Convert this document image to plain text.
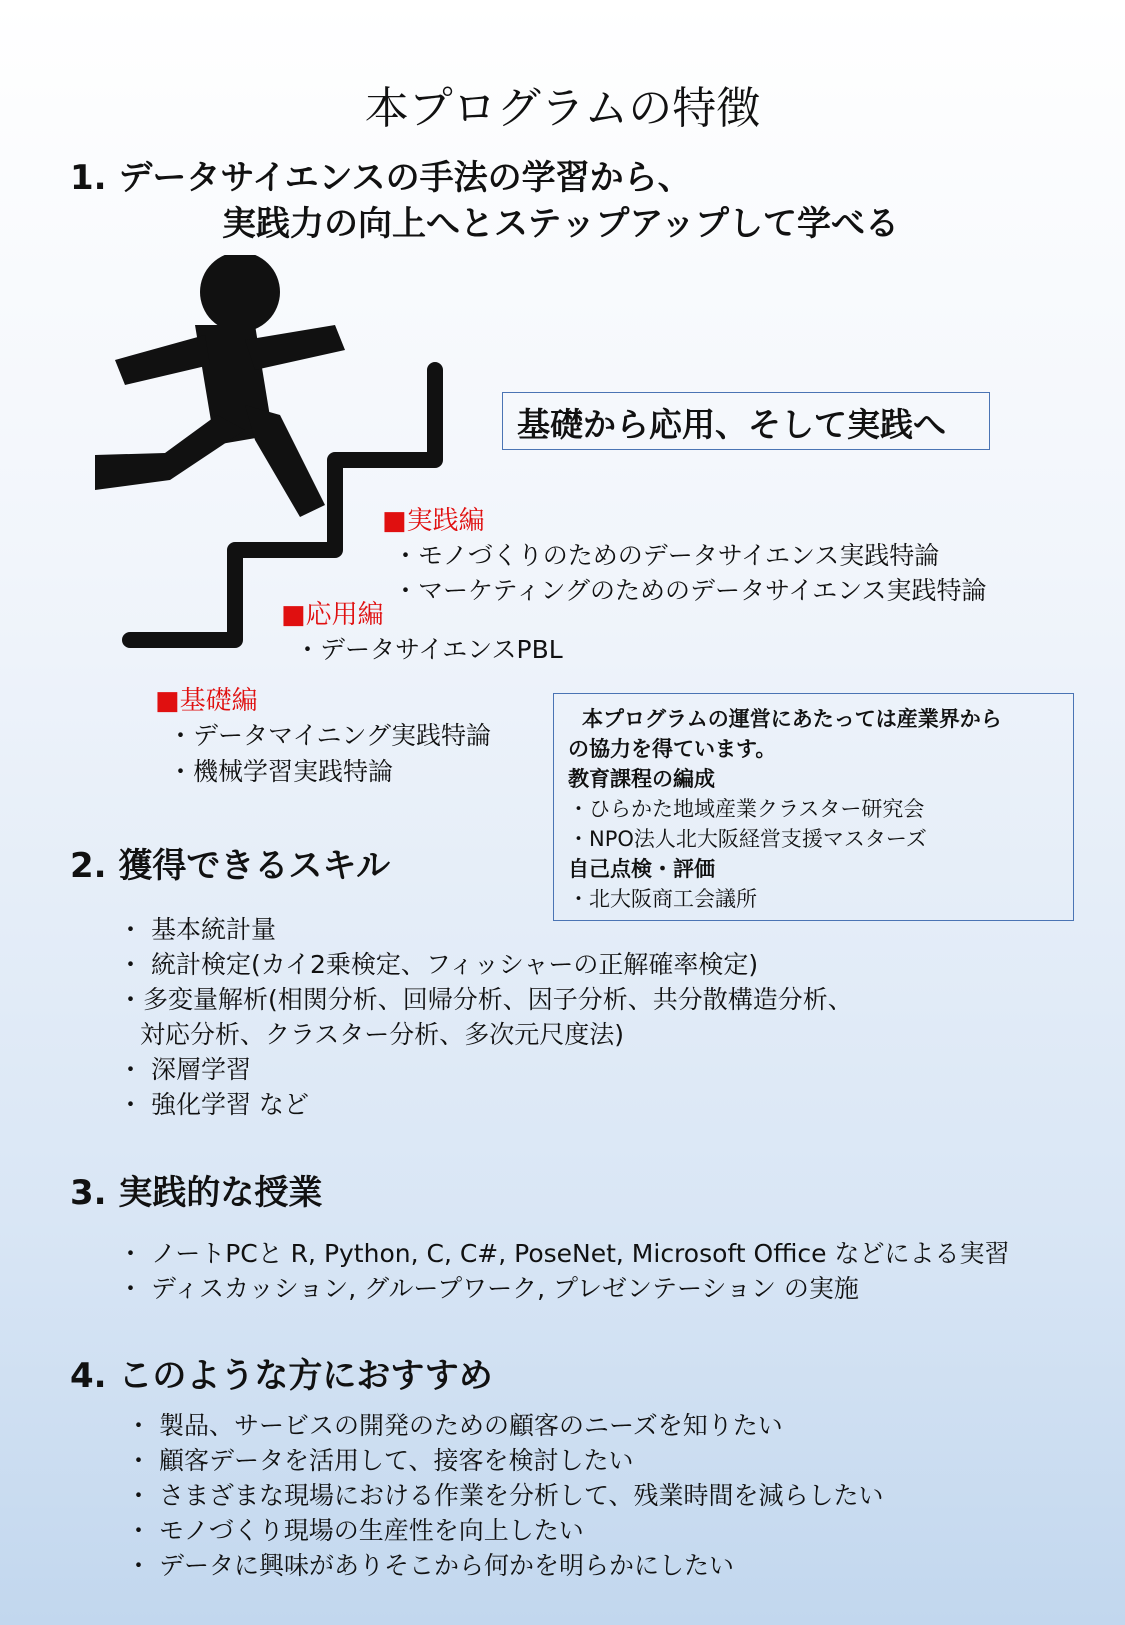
本プログラムの特徴
1. データサイエンスの手法の学習から、
実践力の向上へとステップアップして学べる
基礎から応用、そして実践へ
■実践編
・モノづくりのためのデータサイエンス実践特論
・マーケティングのためのデータサイエンス実践特論
■応用編
・データサイエンスPBL
■基礎編
・データマイニング実践特論
・機械学習実践特論
本プログラムの運営にあたっては産業界から
の協力を得ています。
教育課程の編成
・ひらかた地域産業クラスター研究会
・NPO法人北大阪経営支援マスターズ
自己点検・評価
・北大阪商工会議所
2. 獲得できるスキル
・ 基本統計量
・ 統計検定(カイ2乗検定、フィッシャーの正解確率検定)
・多変量解析(相関分析、回帰分析、因子分析、共分散構造分析、
対応分析、クラスター分析、多次元尺度法)
・ 深層学習
・ 強化学習 など
3. 実践的な授業
・ ノートPCと R, Python, C, C#, PoseNet, Microsoft Office などによる実習
・ ディスカッション, グループワーク, プレゼンテーション の実施
4. このような方におすすめ
・ 製品、サービスの開発のための顧客のニーズを知りたい
・ 顧客データを活用して、接客を検討したい
・ さまざまな現場における作業を分析して、残業時間を減らしたい
・ モノづくり現場の生産性を向上したい
・ データに興味がありそこから何かを明らかにしたい
